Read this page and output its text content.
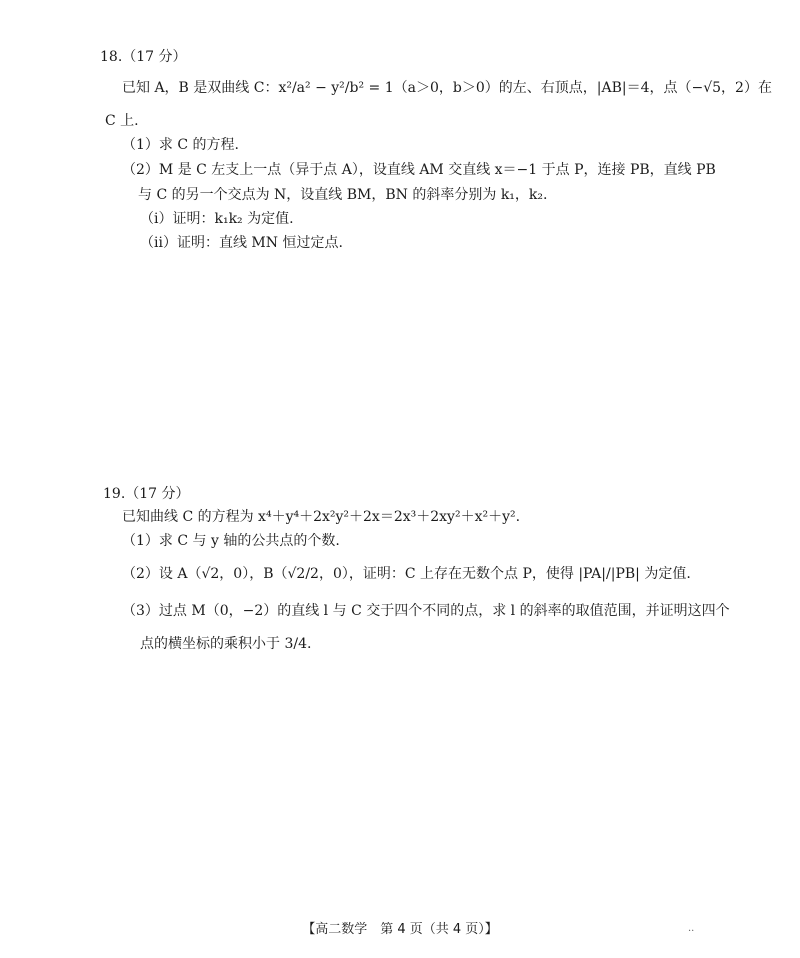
18.（17 分）
已知 A，B 是双曲线 C：x²/a² − y²/b² = 1（a＞0，b＞0）的左、右顶点，|AB|＝4，点（−√5，2）在
C 上.
（1）求 C 的方程.
（2）M 是 C 左支上一点（异于点 A），设直线 AM 交直线 x＝−1 于点 P，连接 PB，直线 PB
与 C 的另一个交点为 N，设直线 BM，BN 的斜率分别为 k₁，k₂.
（ⅰ）证明：k₁k₂ 为定值.
（ⅱ）证明：直线 MN 恒过定点.
19.（17 分）
已知曲线 C 的方程为 x⁴＋y⁴＋2x²y²＋2x＝2x³＋2xy²＋x²＋y².
（1）求 C 与 y 轴的公共点的个数.
（2）设 A（√2，0），B（√2/2，0），证明：C 上存在无数个点 P，使得 |PA|/|PB| 为定值.
（3）过点 M（0，−2）的直线 l 与 C 交于四个不同的点，求 l 的斜率的取值范围，并证明这四个
点的横坐标的乘积小于 3/4.
【高二数学　第 4 页（共 4 页）】	··
